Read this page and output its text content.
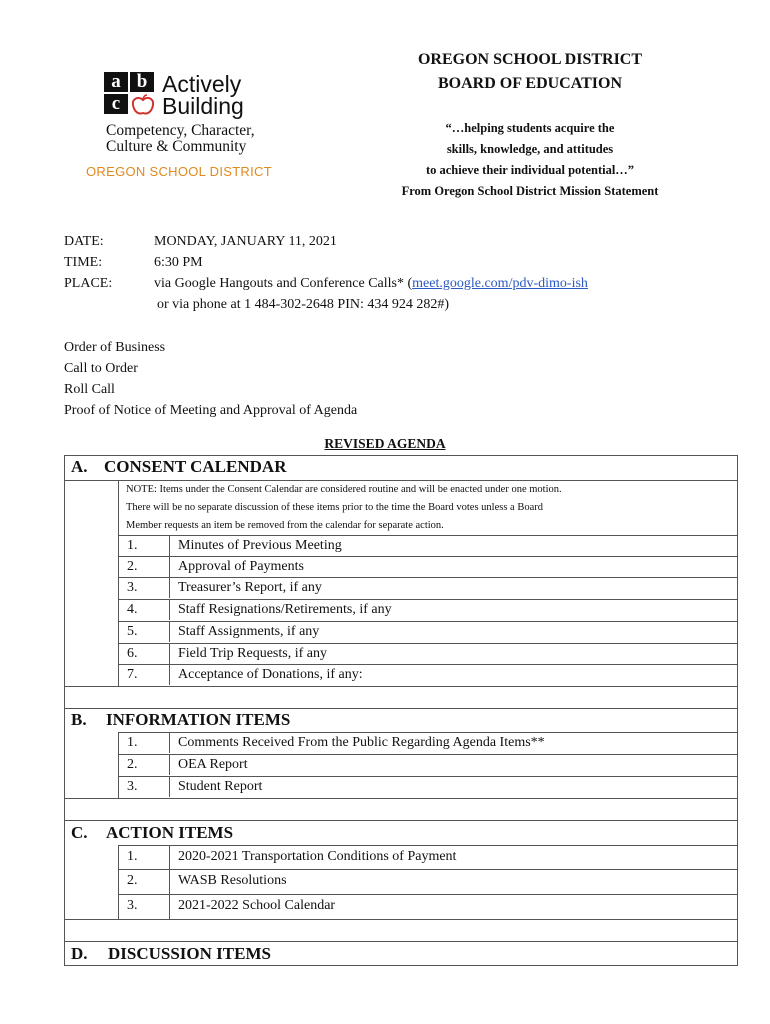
a b
c
Actively
Building
Competency, Character,
Culture & Community
OREGON SCHOOL DISTRICT
OREGON SCHOOL DISTRICT
BOARD OF EDUCATION
“…helping students acquire the
skills, knowledge, and attitudes
to achieve their individual potential…”
From Oregon School District Mission Statement
DATE:	MONDAY, JANUARY 11, 2021
TIME:	6:30 PM
PLACE:	via Google Hangouts and Conference Calls* (meet.google.com/pdv-dimo-ish
or via phone at 1 484-302-2648 PIN: 434 924 282#)
Order of Business
Call to Order
Roll Call
Proof of Notice of Meeting and Approval of Agenda
REVISED AGENDA
A. CONSENT CALENDAR
NOTE: Items under the Consent Calendar are considered routine and will be enacted under one motion.
There will be no separate discussion of these items prior to the time the Board votes unless a Board
Member requests an item be removed from the calendar for separate action.
1.	Minutes of Previous Meeting
2.	Approval of Payments
3.	Treasurer’s Report, if any
4.	Staff Resignations/Retirements, if any
5.	Staff Assignments, if any
6.	Field Trip Requests, if any
7.	Acceptance of Donations, if any:
B. INFORMATION ITEMS
1.	Comments Received From the Public Regarding Agenda Items**
2.	OEA Report
3.	Student Report
C. ACTION ITEMS
1.	2020-2021 Transportation Conditions of Payment
2.	WASB Resolutions
3.	2021-2022 School Calendar
D. DISCUSSION ITEMS
